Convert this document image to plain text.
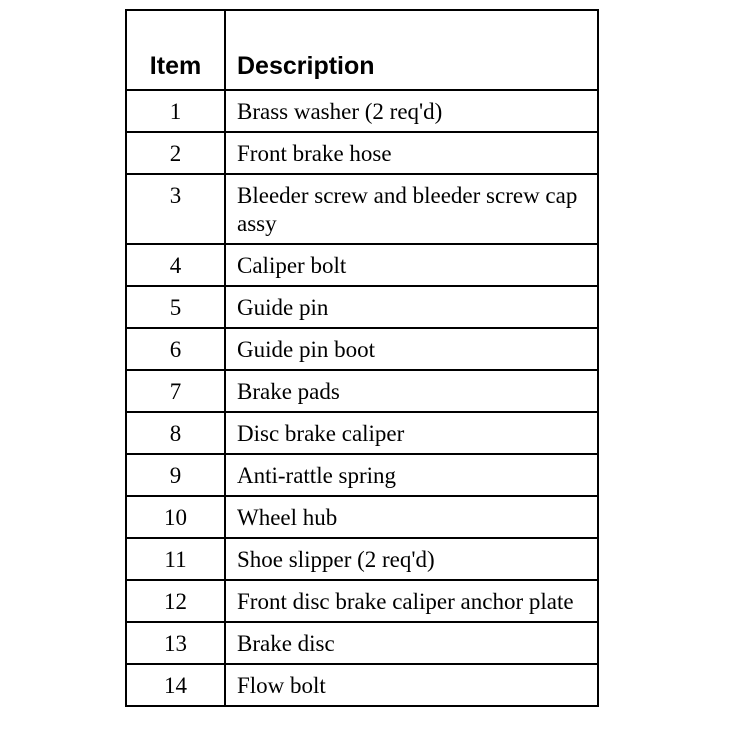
Item	Description
1	Brass washer (2 req'd)
2	Front brake hose
3	Bleeder screw and bleeder screw cap assy
4	Caliper bolt
5	Guide pin
6	Guide pin boot
7	Brake pads
8	Disc brake caliper
9	Anti-rattle spring
10	Wheel hub
11	Shoe slipper (2 req'd)
12	Front disc brake caliper anchor plate
13	Brake disc
14	Flow bolt
